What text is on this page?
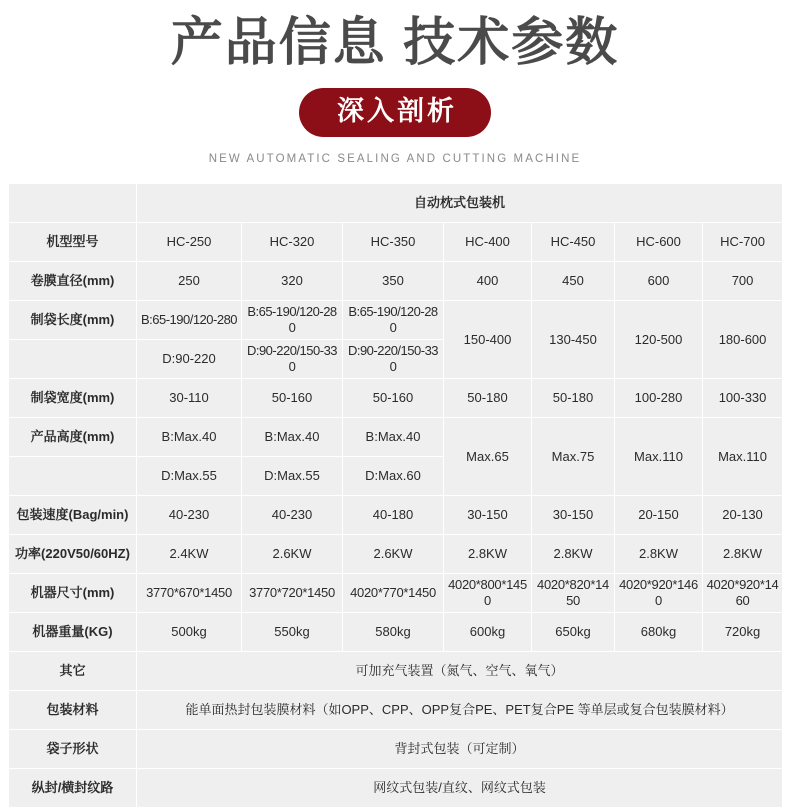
产品信息 技术参数
深入剖析
NEW AUTOMATIC SEALING AND CUTTING MACHINE
	自动枕式包装机						
机型型号	HC-250	HC-320	HC-350	HC-400	HC-450	HC-600	HC-700
卷膜直径(mm)	250	320	350	400	450	600	700
制袋长度(mm)	B:65-190/120-280	B:65-190/120-280	B:65-190/120-280	150-400	130-450	120-500	180-600
	D:90-220	D:90-220/150-330	D:90-220/150-330				
制袋宽度(mm)	30-110	50-160	50-160	50-180	50-180	100-280	100-330
产品高度(mm)	B:Max.40	B:Max.40	B:Max.40	Max.65	Max.75	Max.110	Max.110
	D:Max.55	D:Max.55	D:Max.60				
包装速度(Bag/min)	40-230	40-230	40-180	30-150	30-150	20-150	20-130
功率(220V50/60HZ)	2.4KW	2.6KW	2.6KW	2.8KW	2.8KW	2.8KW	2.8KW
机器尺寸(mm)	3770*670*1450	3770*720*1450	4020*770*1450	4020*800*1450	4020*820*1450	4020*920*1460	4020*920*1460
机器重量(KG)	500kg	550kg	580kg	600kg	650kg	680kg	720kg
其它	可加充气装置（氮气、空气、氧气）						
包装材料	能单面热封包装膜材料（如OPP、CPP、OPP复合PE、PET复合PE 等单层或复合包装膜材料）						
袋子形状	背封式包装（可定制）						
纵封/横封纹路	网纹式包装/直纹、网纹式包装						
